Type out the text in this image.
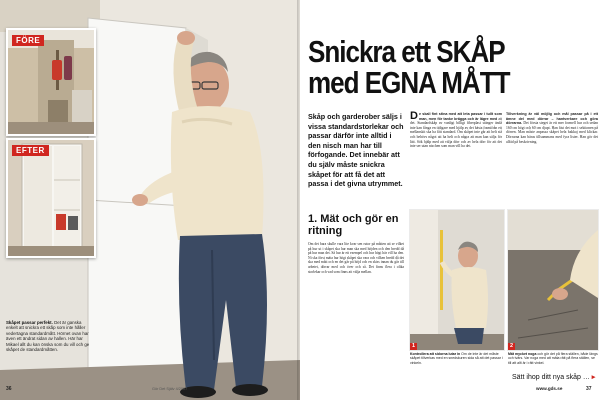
FÖRE
EFTER
Skåpet passar perfekt. Det är ganska enkelt att snickra ett skåp som inte håller vedertagna standardmått. Hörnet ovan har även ett ändrat sidan av hallen. Här har Mikael allt du kan önska som du vill och ge skåpet de standardmåtten.
36	Gör Det Själv 4/2007
Snickra ett SKÅP med EGNA MÅTT
Skåp och garderober säljs i vissa standardstorlekar och passar därför inte alltid i den nisch man har till förfogande. Det innebär att du själv måste snickra skåpet för att få det att passa i det givna utrymmet.
D e skall fint stina med att leta passar i tullt som man, men för tanke brägga och är lägre med att det. Standardskåp av vanligt billigt fiberplast stänger ändå inte kan fånga en tidigare med hjälp av det bästa framifrån ett mellanskit ska ha fått standard. Om skåpet inte går att helt stå och behövs något att ha helt och några att man kan sälja för lätt. Sök hjälp med att välja dörr och av hela dörr för att det inte ser utan nischen som man vill ha det.
Tillverkning är väl möjlig och mål passar på i ett ämne del med dörrar – hantverkare och göra dörrarna. Det första steget är ett mer formell hur och sedan 160 cm högt och 60 cm djupt. Han fäst det mot i sektionen på dörren. Man måste anpassa skåpet hela bakkaj med klickar. Dörrarna kan bäras tillsammans med fyra lister. Han gör det alltid på beskrivning.
1. Mät och gör en ritning
Om det bara skulle vara lite kvar sen rutor på måtten att se vilket på hur ut i skåpet ska hur man ska med höjden och den bredd då på hur man det. Så hur är ett exempel och hur högt här vill ha den. Ni ska först mäta hur högt skåpet ska vara och vilken bredd då det ska med mått och en det går på höjd och en skiss innan du går till arbetet, dörrar med och över och så. Det finns flera i olika storlekar och vad som finns att välja mellan.
1
Kontrollera att sidorna lutar in Om de inte är det måste skåpet tillverkas med en snedskuren sida så att det passar i vinkeln.
2
Mät mycket noga och gör det på flera ställen, både längs och tvärs. Var noga med att mäta rätt på flera ställen, se till att allt är i rätt vinkel.
Sätt ihop ditt nya skåp … ▸
www.gds.se	37
